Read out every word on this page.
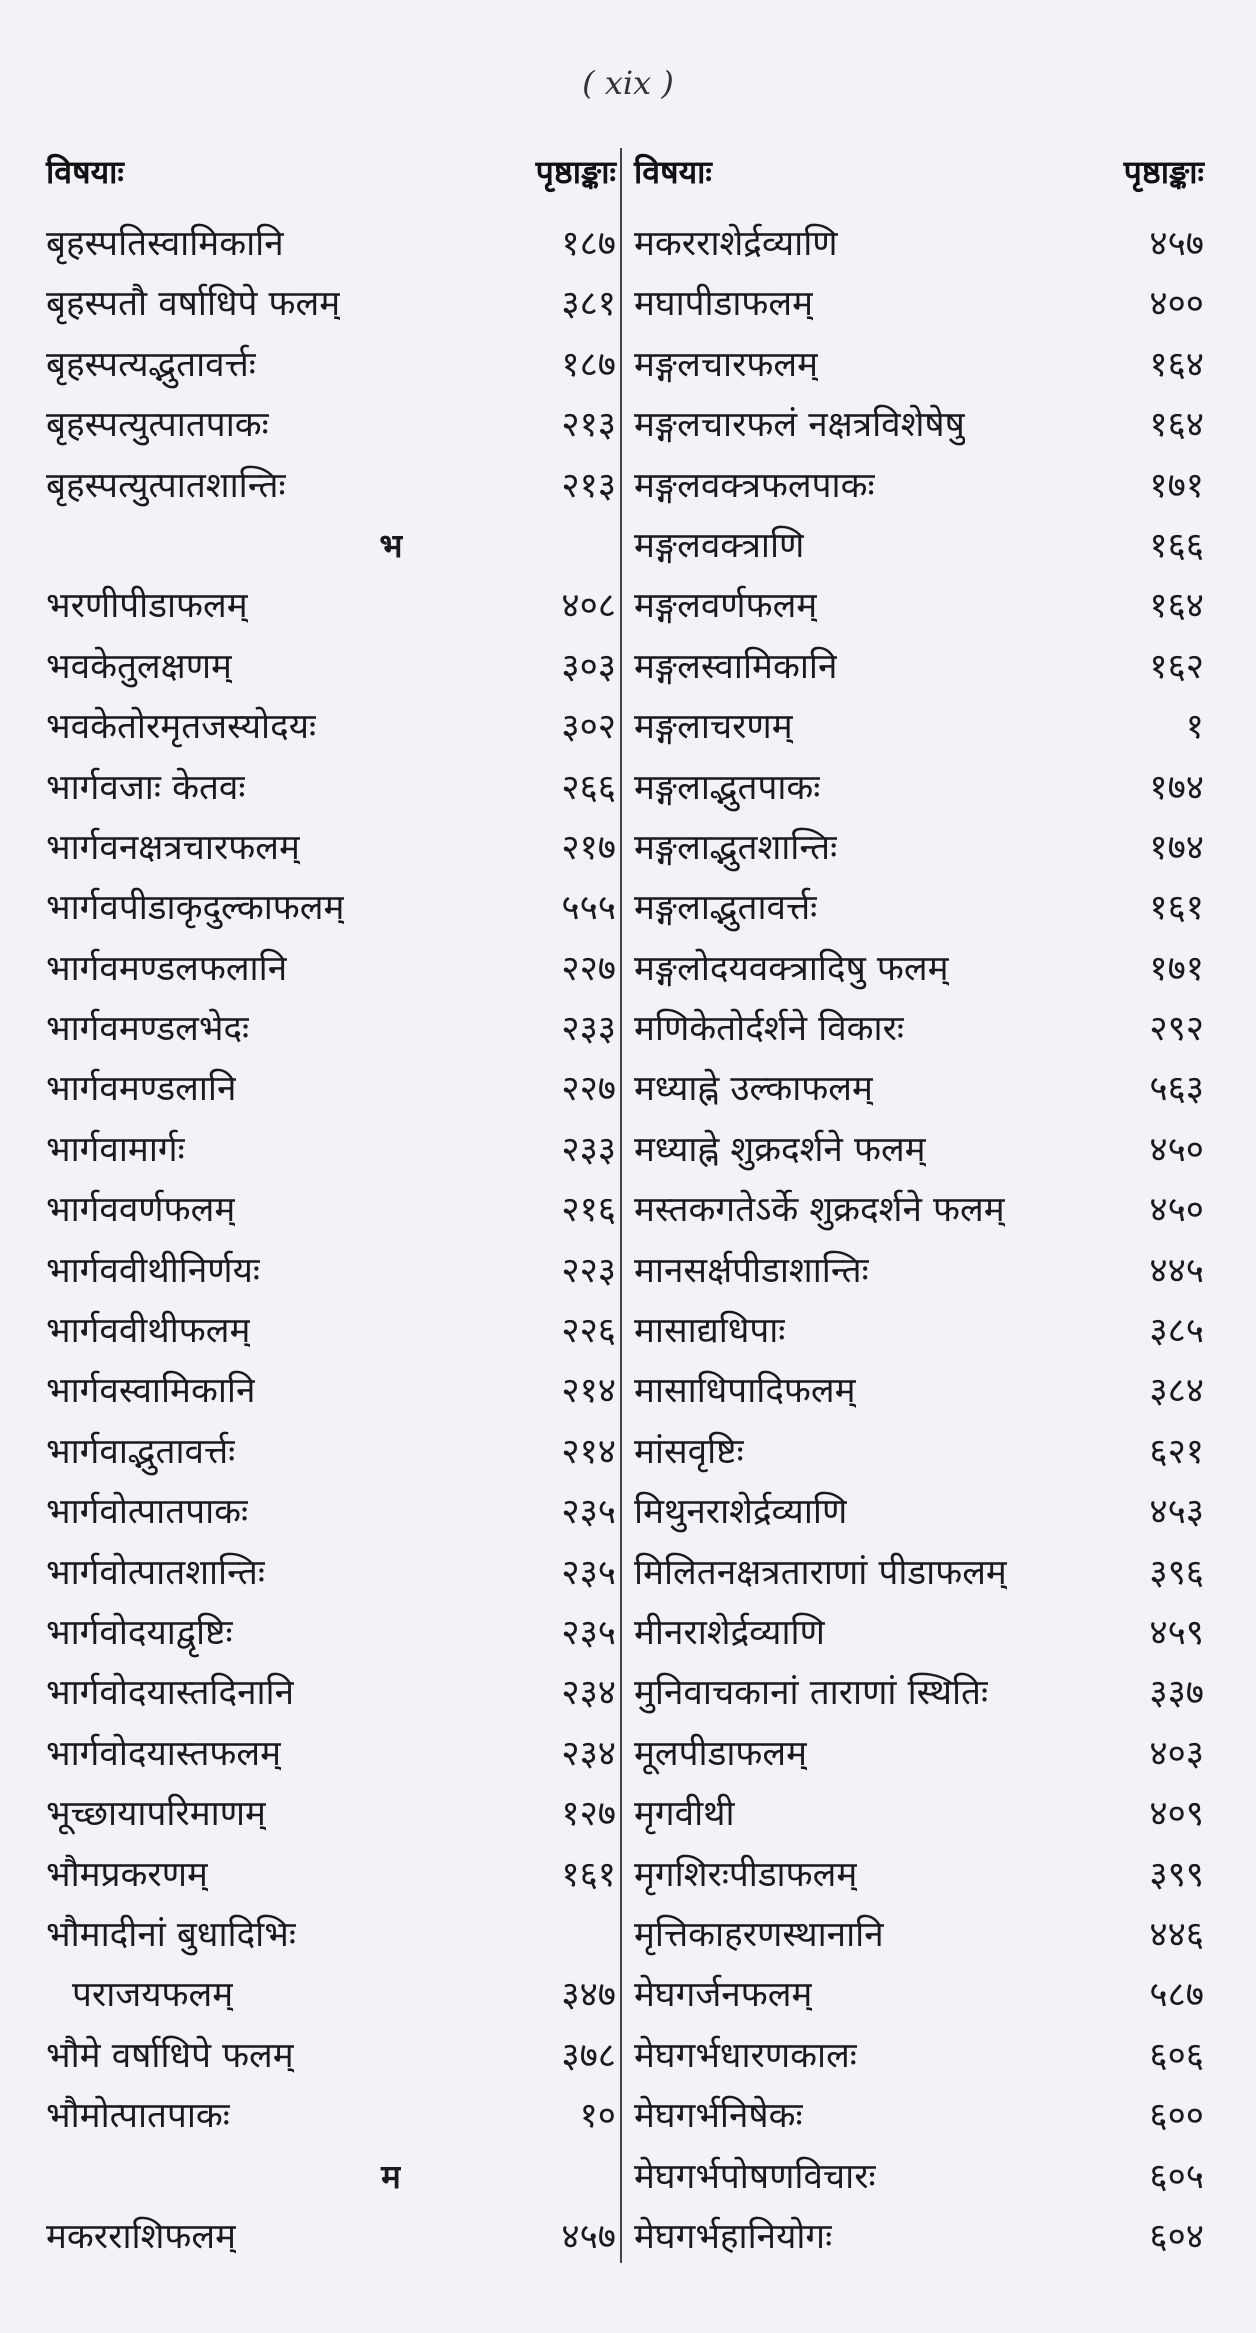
( xix )
विषयाः	पृष्ठाङ्काः
बृहस्पतिस्वामिकानि	१८७
बृहस्पतौ वर्षाधिपे फलम्	३८१
बृहस्पत्यद्भुतावर्त्तः	१८७
बृहस्पत्युत्पातपाकः	२१३
बृहस्पत्युत्पातशान्तिः	२१३
भ
भरणीपीडाफलम्	४०८
भवकेतुलक्षणम्	३०३
भवकेतोरमृतजस्योदयः	३०२
भार्गवजाः केतवः	२६६
भार्गवनक्षत्रचारफलम्	२१७
भार्गवपीडाकृदुल्काफलम्	५५५
भार्गवमण्डलफलानि	२२७
भार्गवमण्डलभेदः	२३३
भार्गवमण्डलानि	२२७
भार्गवामार्गः	२३३
भार्गववर्णफलम्	२१६
भार्गववीथीनिर्णयः	२२३
भार्गववीथीफलम्	२२६
भार्गवस्वामिकानि	२१४
भार्गवाद्भुतावर्त्तः	२१४
भार्गवोत्पातपाकः	२३५
भार्गवोत्पातशान्तिः	२३५
भार्गवोदयाद्वृष्टिः	२३५
भार्गवोदयास्तदिनानि	२३४
भार्गवोदयास्तफलम्	२३४
भूच्छायापरिमाणम्	१२७
भौमप्रकरणम्	१६१
भौमादीनां बुधादिभिः
पराजयफलम्	३४७
भौमे वर्षाधिपे फलम्	३७८
भौमोत्पातपाकः	१०
म
मकरराशिफलम्	४५७
विषयाः	पृष्ठाङ्काः
मकरराशेर्द्रव्याणि	४५७
मघापीडाफलम्	४००
मङ्गलचारफलम्	१६४
मङ्गलचारफलं नक्षत्रविशेषेषु	१६४
मङ्गलवक्त्रफलपाकः	१७१
मङ्गलवक्त्राणि	१६६
मङ्गलवर्णफलम्	१६४
मङ्गलस्वामिकानि	१६२
मङ्गलाचरणम्	१
मङ्गलाद्भुतपाकः	१७४
मङ्गलाद्भुतशान्तिः	१७४
मङ्गलाद्भुतावर्त्तः	१६१
मङ्गलोदयवक्त्रादिषु फलम्	१७१
मणिकेतोर्दर्शने विकारः	२९२
मध्याह्ने उल्काफलम्	५६३
मध्याह्ने शुक्रदर्शने फलम्	४५०
मस्तकगतेऽर्के शुक्रदर्शने फलम्	४५०
मानसर्क्षपीडाशान्तिः	४४५
मासाद्यधिपाः	३८५
मासाधिपादिफलम्	३८४
मांसवृष्टिः	६२१
मिथुनराशेर्द्रव्याणि	४५३
मिलितनक्षत्रताराणां पीडाफलम्	३९६
मीनराशेर्द्रव्याणि	४५९
मुनिवाचकानां ताराणां स्थितिः	३३७
मूलपीडाफलम्	४०३
मृगवीथी	४०९
मृगशिरःपीडाफलम्	३९९
मृत्तिकाहरणस्थानानि	४४६
मेघगर्जनफलम्	५८७
मेघगर्भधारणकालः	६०६
मेघगर्भनिषेकः	६००
मेघगर्भपोषणविचारः	६०५
मेघगर्भहानियोगः	६०४
